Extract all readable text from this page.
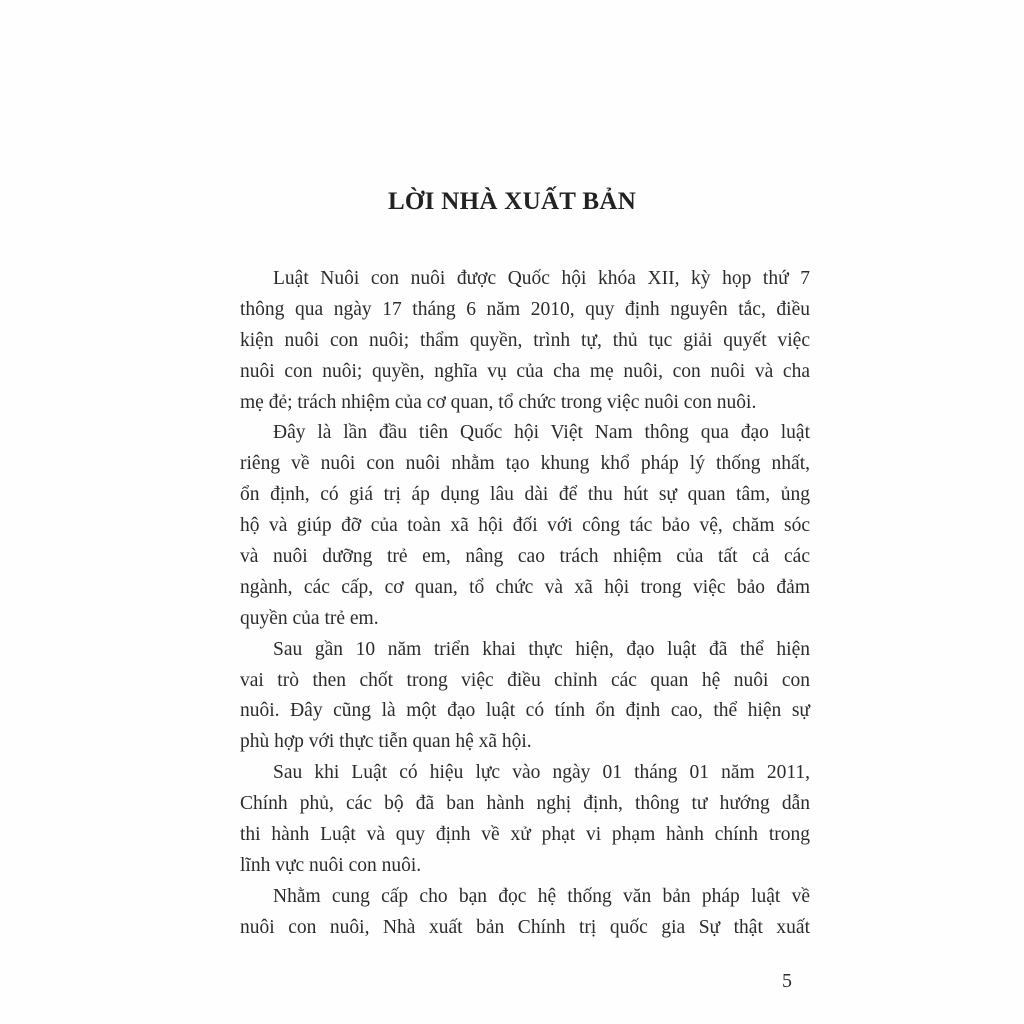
LỜI NHÀ XUẤT BẢN
Luật Nuôi con nuôi được Quốc hội khóa XII, kỳ họp thứ 7
thông qua ngày 17 tháng 6 năm 2010, quy định nguyên tắc, điều
kiện nuôi con nuôi; thẩm quyền, trình tự, thủ tục giải quyết việc
nuôi con nuôi; quyền, nghĩa vụ của cha mẹ nuôi, con nuôi và cha
mẹ đẻ; trách nhiệm của cơ quan, tổ chức trong việc nuôi con nuôi.
Đây là lần đầu tiên Quốc hội Việt Nam thông qua đạo luật
riêng về nuôi con nuôi nhằm tạo khung khổ pháp lý thống nhất,
ổn định, có giá trị áp dụng lâu dài để thu hút sự quan tâm, ủng
hộ và giúp đỡ của toàn xã hội đối với công tác bảo vệ, chăm sóc
và nuôi dưỡng trẻ em, nâng cao trách nhiệm của tất cả các
ngành, các cấp, cơ quan, tổ chức và xã hội trong việc bảo đảm
quyền của trẻ em.
Sau gần 10 năm triển khai thực hiện, đạo luật đã thể hiện
vai trò then chốt trong việc điều chỉnh các quan hệ nuôi con
nuôi. Đây cũng là một đạo luật có tính ổn định cao, thể hiện sự
phù hợp với thực tiễn quan hệ xã hội.
Sau khi Luật có hiệu lực vào ngày 01 tháng 01 năm 2011,
Chính phủ, các bộ đã ban hành nghị định, thông tư hướng dẫn
thi hành Luật và quy định về xử phạt vi phạm hành chính trong
lĩnh vực nuôi con nuôi.
Nhằm cung cấp cho bạn đọc hệ thống văn bản pháp luật về
nuôi con nuôi, Nhà xuất bản Chính trị quốc gia Sự thật xuất
5
